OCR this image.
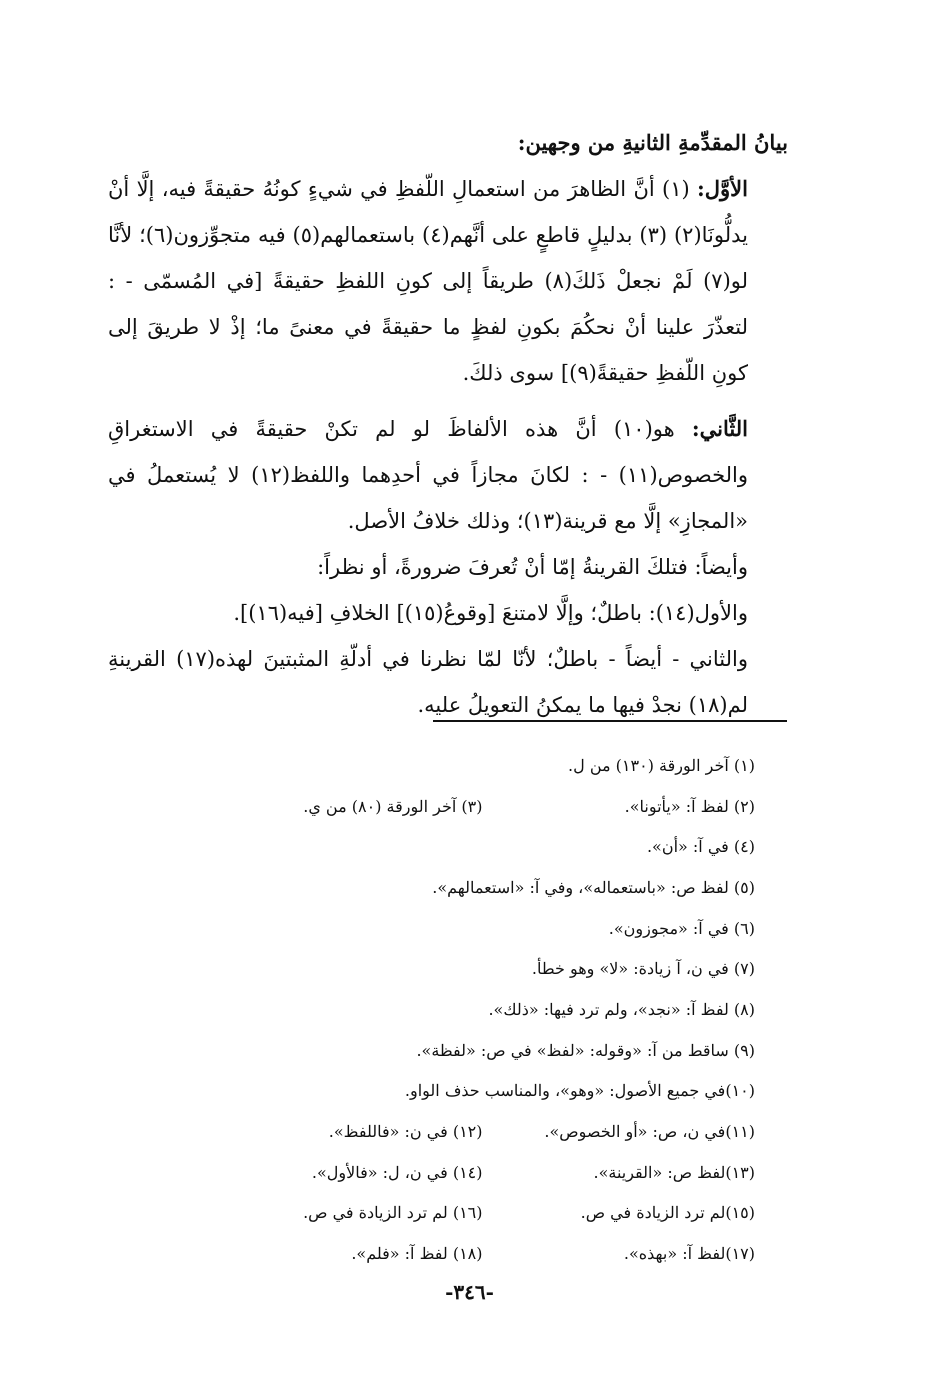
بيانُ المقدِّمةِ الثانيةِ من وجهين:

الأوَّل: (١) أنَّ الظاهرَ من استعمالِ اللّفظِ في شيءٍ كونُهُ حقيقةً فيه، إلَّا أنْ يدلُّونَا(٢) (٣) بدليلٍ قاطعٍ على أنَّهم(٤) باستعمالهم(٥) فيه متجوِّزون(٦)؛ لأنَّا لو(٧) لَمْ نجعلْ ذَلكَ(٨) طريقاً إلى كونِ اللفظِ حقيقةً [في المُسمّى - : لتعذّرَ علينا أنْ نحكُمَ بكونِ لفظٍ ما حقيقةً في معنىً ما؛ إذْ لا طريقَ إلى كونِ اللّفظِ حقيقةً(٩)] سوى ذلكَ.

الثَّاني: هو(١٠) أنَّ هذه الألفاظَ لو لم تكنْ حقيقةً في الاستغراقِ والخصوص(١١) - : لكانَ مجازاً في أحدِهما واللفظ(١٢) لا يُستعملُ في «المجازِ» إلَّا مع قرينة(١٣)؛ وذلك خلافُ الأصل.

وأيضاً: فتلكَ القرينةُ إمّا أنْ تُعرفَ ضرورةً، أو نظراً:

والأول(١٤): باطلٌ؛ وإلَّا لامتنعَ [وقوعُ(١٥)] الخلافِ [فيه(١٦)].

والثاني - أيضاً - باطلٌ؛ لأنّا لمّا نظرنا في أدلّةِ المثبتينَ لهذه(١٧) القرينةِ لم(١٨) نجدْ فيها ما يمكنُ التعويلُ عليه.

(١) آخر الورقة (١٣٠) من ل.
(٢) لفظ آ: «يأتونا».
(٣) آخر الورقة (٨٠) من ي.
(٤) في آ: «أن».
(٥) لفظ ص: «باستعماله»، وفي آ: «استعمالهم».
(٦) في آ: «مجوزون».
(٧) في ن، آ زيادة: «لا» وهو خطأ.
(٨) لفظ آ: «نجد»، ولم ترد فيها: «ذلك».
(٩) ساقط من آ: «وقوله: «لفظ» في ص: «لفظة».
(١٠)في جميع الأصول: «وهو»، والمناسب حذف الواو.
(١١)في ن، ص: «أو الخصوص».
(١٢) في ن: «فاللفظ».
(١٣)لفظ ص: «القرينة».
(١٤) في ن، ل: «فالأول».
(١٥)لم ترد الزيادة في ص.
(١٦) لم ترد الزيادة في ص.
(١٧)لفظ آ: «بهذه».
(١٨) لفظ آ: «فلم».
-٣٤٦-
